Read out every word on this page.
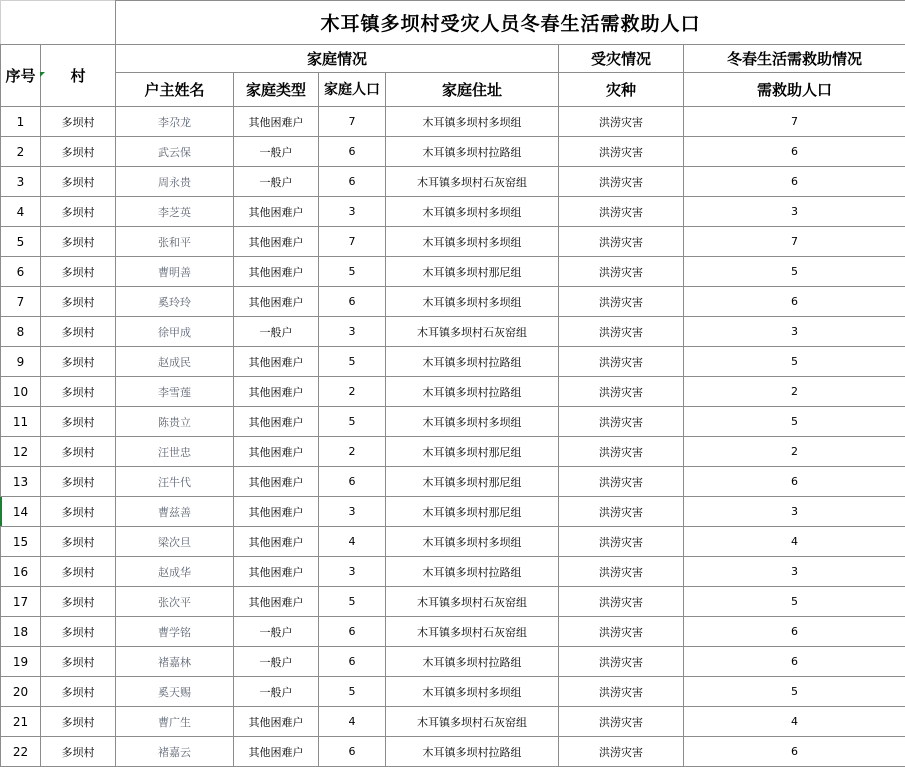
		木耳镇多坝村受灾人员冬春生活需救助人口					
序号	村	家庭情况				受灾情况	冬春生活需救助情况
		户主姓名	家庭类型	家庭人口	家庭住址	灾种	需救助人口
1	多坝村	李尕龙	其他困难户	7	木耳镇多坝村多坝组	洪涝灾害	7
2	多坝村	武云保	一般户	6	木耳镇多坝村拉路组	洪涝灾害	6
3	多坝村	周永贵	一般户	6	木耳镇多坝村石灰窑组	洪涝灾害	6
4	多坝村	李芝英	其他困难户	3	木耳镇多坝村多坝组	洪涝灾害	3
5	多坝村	张和平	其他困难户	7	木耳镇多坝村多坝组	洪涝灾害	7
6	多坝村	曹明善	其他困难户	5	木耳镇多坝村那尼组	洪涝灾害	5
7	多坝村	奚玲玲	其他困难户	6	木耳镇多坝村多坝组	洪涝灾害	6
8	多坝村	徐甲成	一般户	3	木耳镇多坝村石灰窑组	洪涝灾害	3
9	多坝村	赵成民	其他困难户	5	木耳镇多坝村拉路组	洪涝灾害	5
10	多坝村	李雪莲	其他困难户	2	木耳镇多坝村拉路组	洪涝灾害	2
11	多坝村	陈贵立	其他困难户	5	木耳镇多坝村多坝组	洪涝灾害	5
12	多坝村	汪世忠	其他困难户	2	木耳镇多坝村那尼组	洪涝灾害	2
13	多坝村	汪牛代	其他困难户	6	木耳镇多坝村那尼组	洪涝灾害	6
14	多坝村	曹兹善	其他困难户	3	木耳镇多坝村那尼组	洪涝灾害	3
15	多坝村	梁次旦	其他困难户	4	木耳镇多坝村多坝组	洪涝灾害	4
16	多坝村	赵成华	其他困难户	3	木耳镇多坝村拉路组	洪涝灾害	3
17	多坝村	张次平	其他困难户	5	木耳镇多坝村石灰窑组	洪涝灾害	5
18	多坝村	曹学铭	一般户	6	木耳镇多坝村石灰窑组	洪涝灾害	6
19	多坝村	褚嘉林	一般户	6	木耳镇多坝村拉路组	洪涝灾害	6
20	多坝村	奚天赐	一般户	5	木耳镇多坝村多坝组	洪涝灾害	5
21	多坝村	曹广生	其他困难户	4	木耳镇多坝村石灰窑组	洪涝灾害	4
22	多坝村	褚嘉云	其他困难户	6	木耳镇多坝村拉路组	洪涝灾害	6
